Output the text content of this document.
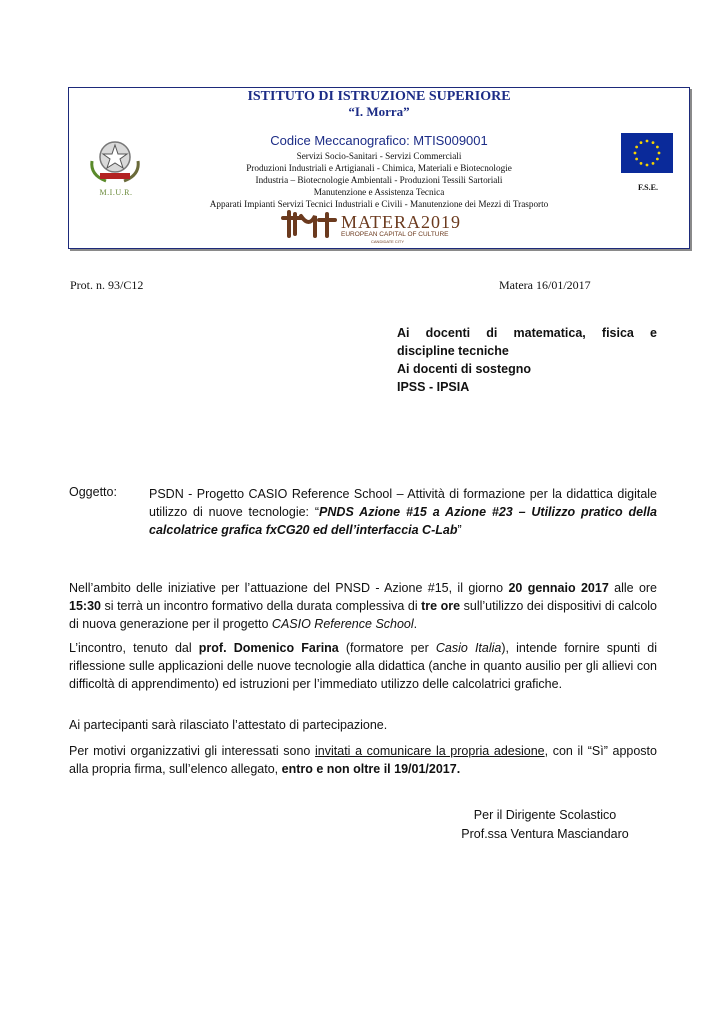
ISTITUTO DI ISTRUZIONE SUPERIORE
“I. Morra”
M.I.U.R.
Codice Meccanografico: MTIS009001
Servizi Socio-Sanitari - Servizi Commerciali
Produzioni Industriali e Artigianali - Chimica, Materiali e Biotecnologie
Industria – Biotecnologie Ambientali - Produzioni Tessili Sartoriali
Manutenzione e Assistenza Tecnica
Apparati Impianti Servizi Tecnici Industriali e Civili - Manutenzione dei Mezzi di Trasporto
F.S.E.
MATERA2019
EUROPEAN CAPITAL OF CULTURE
CANDIDATE CITY
Prot. n. 93/C12	Matera 16/01/2017
Ai docenti di matematica, fisica e
discipline tecniche
Ai docenti di sostegno
IPSS - IPSIA
Oggetto:	PSDN - Progetto CASIO Reference School – Attività di formazione per la didattica digitale utilizzo di nuove tecnologie: “PNDS Azione #15 a Azione #23 – Utilizzo pratico della calcolatrice grafica fxCG20 ed dell’interfaccia C-Lab”
Nell’ambito delle iniziative per l’attuazione del PNSD - Azione #15, il giorno 20 gennaio 2017 alle ore 15:30 si terrà un incontro formativo della durata complessiva di tre ore sull’utilizzo dei dispositivi di calcolo di nuova generazione per il progetto CASIO Reference School.
L’incontro, tenuto dal prof. Domenico Farina (formatore per Casio Italia), intende fornire spunti di riflessione sulle applicazioni delle nuove tecnologie alla didattica (anche in quanto ausilio per gli allievi con difficoltà di apprendimento) ed istruzioni per l’immediato utilizzo delle calcolatrici grafiche.
Ai partecipanti sarà rilasciato l’attestato di partecipazione.
Per motivi organizzativi gli interessati sono invitati a comunicare la propria adesione, con il “Sì” apposto alla propria firma, sull’elenco allegato, entro e non oltre il 19/01/2017.
Per il Dirigente Scolastico
Prof.ssa Ventura Masciandaro
